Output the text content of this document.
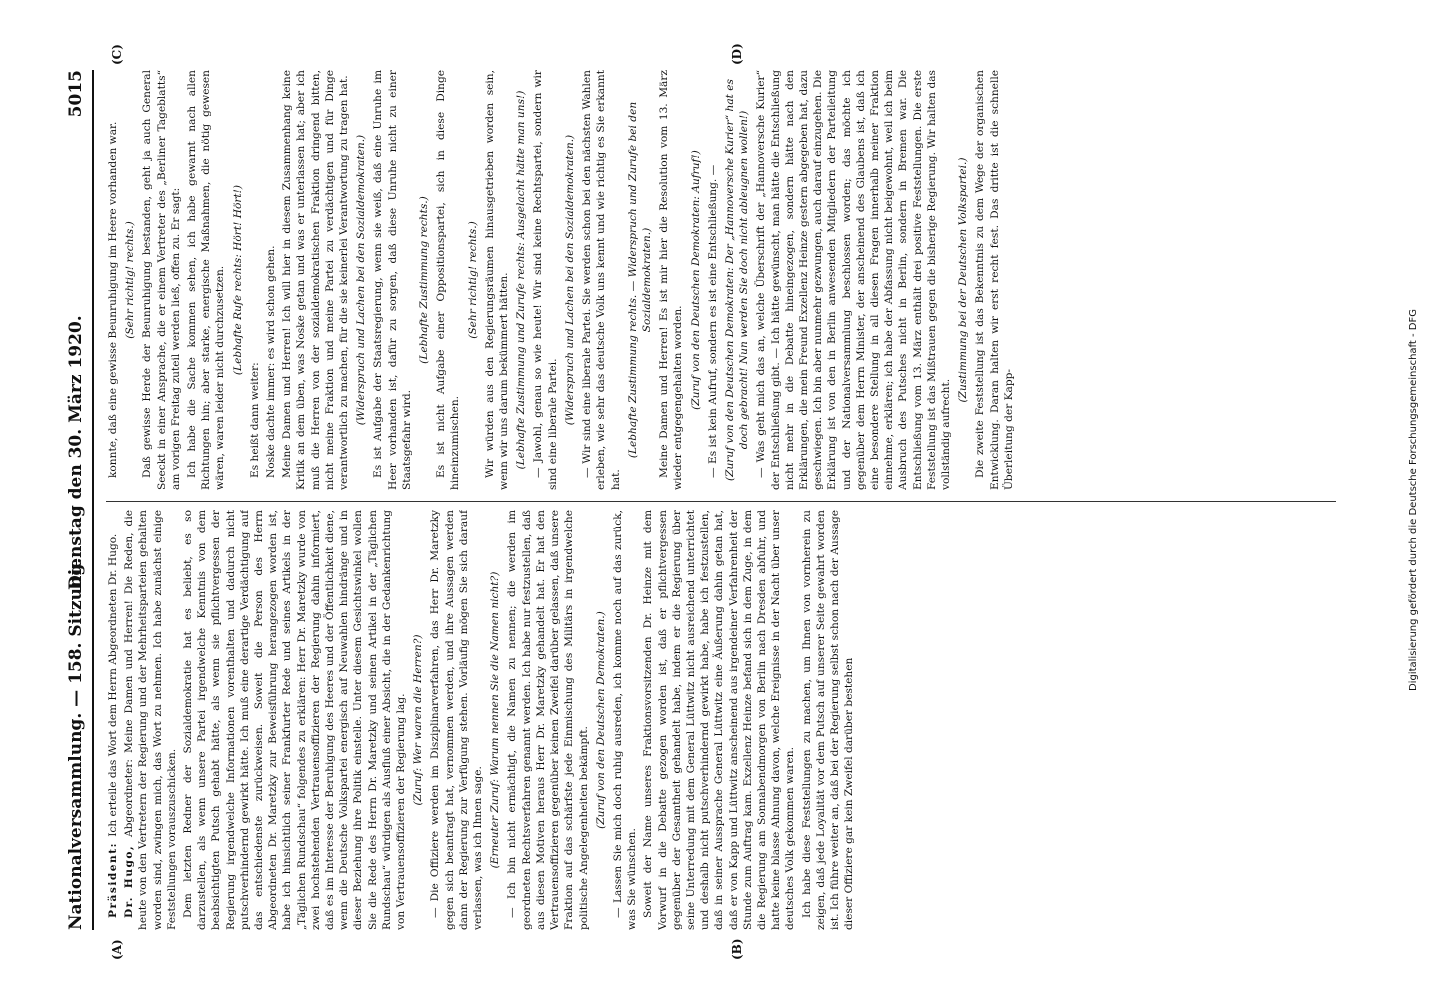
Nationalversammlung. — 158. Sitzung.
Dienstag den 30. März 1920.
5015
(A)	(B)
(C)	(D)

Präsident: Ich erteile das Wort dem Herrn Abgeordneten Dr. Hugo.

Dr. Hugo, Abgeordneter: Meine Damen und Herren! Die Reden, die heute von den Vertretern der Regierung und der Mehrheitsparteien gehalten worden sind, zwingen mich, das Wort zu nehmen. Ich habe zunächst einige Feststellungen vorauszuschicken. Dem letzten Redner der Sozialdemokratie hat es beliebt, es so darzustellen, als wenn unsere Partei irgendwelche Kenntnis von dem beabsichtigten Putsch gehabt hätte, als wenn sie pflichtvergessen der Regierung irgendwelche Informationen vorenthalten und dadurch nicht putschverhindernd gewirkt hätte. Ich muß eine derartige Verdächtigung auf das entschiedenste zurückweisen. Soweit die Person des Herrn Abgeordneten Dr. Maretzky zur Beweisführung herangezogen worden ist, habe ich hinsichtlich seiner Frankfurter Rede und seines Artikels in der „Täglichen Rundschau“ folgendes zu erklären: Herr Dr. Maretzky wurde von zwei hochstehenden Vertrauensoffizieren der Regierung dahin informiert, daß es im Interesse der Beruhigung des Heeres und der Öffentlichkeit diene, wenn die Deutsche Volkspartei energisch auf Neuwahlen hindränge und in dieser Beziehung ihre Politik einstelle. Unter diesem Gesichtswinkel wollen Sie die Rede des Herrn Dr. Maretzky und seinen Artikel in der „Täglichen Rundschau“ würdigen als Ausfluß einer Absicht, die in der Gedankenrichtung von Vertrauensoffizieren der Regierung lag. (Zuruf: Wer waren die Herren?) — Die Offiziere werden im Disziplinarverfahren, das Herr Dr. Maretzky gegen sich beantragt hat, vernommen werden, und ihre Aussagen werden dann der Regierung zur Verfügung stehen. Vorläufig mögen Sie sich darauf verlassen, was ich Ihnen sage. (Erneuter Zuruf: Warum nennen Sie die Namen nicht?) — Ich bin nicht ermächtigt, die Namen zu nennen; die werden im geordneten Rechtsverfahren genannt werden. Ich habe nur festzustellen, daß aus diesen Motiven heraus Herr Dr. Maretzky gehandelt hat. Er hat den Vertrauensoffizieren gegenüber keinen Zweifel darüber gelassen, daß unsere Fraktion auf das schärfste jede Einmischung des Militärs in irgendwelche politische Angelegenheiten bekämpft. (Zuruf von den Deutschen Demokraten.) — Lassen Sie mich doch ruhig ausreden, ich komme noch auf das zurück, was Sie wünschen. Soweit der Name unseres Fraktionsvorsitzenden Dr. Heinze mit dem Vorwurf in die Debatte gezogen worden ist, daß er pflichtvergessen gegenüber der Gesamtheit gehandelt habe, indem er die Regierung über seine Unterredung mit dem General Lüttwitz nicht ausreichend unterrichtet und deshalb nicht putschverhindernd gewirkt habe, habe ich festzustellen, daß in seiner Aussprache General Lüttwitz eine Äußerung dahin getan hat, daß er von Kapp und Lüttwitz anscheinend aus irgendeiner Verfahrenheit der Stunde zum Auftrag kam. Exzellenz Heinze befand sich in dem Zuge, in dem die Regierung am Sonnabendmorgen von Berlin nach Dresden abfuhr, und hatte keine blasse Ahnung davon, welche Ereignisse in der Nacht über unser deutsches Volk gekommen waren. Ich habe diese Feststellungen zu machen, um Ihnen von vornherein zu zeigen, daß jede Loyalität vor dem Putsch auf unserer Seite gewahrt worden ist. Ich führe weiter an, daß bei der Regierung selbst schon nach der Aussage dieser Offiziere gar kein Zweifel darüber bestehen

konnte, daß eine gewisse Beunruhigung im Heere vorhanden war. (Sehr richtig! rechts.) Daß gewisse Herde der Beunruhigung bestanden, geht ja auch General Seeckt in einer Ansprache, die er einem Vertreter des „Berliner Tageblatts“ am vorigen Freitag zuteil werden ließ, offen zu. Er sagt: Ich habe die Sache kommen sehen, ich habe gewarnt nach allen Richtungen hin; aber starke, energische Maßnahmen, die nötig gewesen wären, waren leider nicht durchzusetzen. (Lebhafte Rufe rechts: Hört! Hört!)

Es heißt dann weiter: Noske dachte immer: es wird schon gehen. Meine Damen und Herren! Ich will hier in diesem Zusammenhang keine Kritik an dem üben, was Noske getan und was er unterlassen hat; aber ich muß die Herren von der sozialdemokratischen Fraktion dringend bitten, nicht meine Fraktion und meine Partei zu verdächtigen und für Dinge verantwortlich zu machen, für die sie keinerlei Verantwortung zu tragen hat. (Widerspruch und Lachen bei den Sozialdemokraten.) Es ist Aufgabe der Staatsregierung, wenn sie weiß, daß eine Unruhe im Heer vorhanden ist, dafür zu sorgen, daß diese Unruhe nicht zu einer Staatsgefahr wird.

(Lebhafte Zustimmung rechts.) Es ist nicht Aufgabe einer Oppositionspartei, sich in diese Dinge hineinzumischen.

(Sehr richtig! rechts.) Wir würden aus den Regierungsräumen hinausgetrieben worden sein, wenn wir uns darum bekümmert hätten. (Lebhafte Zustimmung und Zurufe rechts: Ausgelacht hätte man uns!) — Jawohl, genau so wie heute! Wir sind keine Rechtspartei, sondern wir sind eine liberale Partei. (Widerspruch und Lachen bei den Sozialdemokraten.) — Wir sind eine liberale Partei. Sie werden schon bei den nächsten Wahlen erleben, wie sehr das deutsche Volk uns kennt und wie richtig es Sie erkannt hat.

(Lebhafte Zustimmung rechts. — Widerspruch und Zurufe bei den Sozialdemokraten.) Meine Damen und Herren! Es ist mir hier die Resolution vom 13. März wieder entgegengehalten worden. (Zuruf von den Deutschen Demokraten: Aufruf!) — Es ist kein Aufruf, sondern es ist eine Entschließung. — (Zuruf von den Deutschen Demokraten: Der „Hannoversche Kurier“ hat es doch gebracht! Nun werden Sie doch nicht ableugnen wollen!) — Was geht mich das an, welche Überschrift der „Hannoversche Kurier“ der Entschließung gibt. — Ich hätte gewünscht, man hätte die Entschließung nicht mehr in die Debatte hineingezogen, sondern hätte nach den Erklärungen, die mein Freund Exzellenz Heinze gestern abgegeben hat, dazu geschwiegen. Ich bin aber nunmehr gezwungen, auch darauf einzugehen. Die Erklärung ist von den in Berlin anwesenden Mitgliedern der Parteileitung und der Nationalversammlung beschlossen worden; das möchte ich gegenüber dem Herrn Minister, der anscheinend des Glaubens ist, daß ich eine besondere Stellung in all diesen Fragen innerhalb meiner Fraktion einnehme, erklären; ich habe der Abfassung nicht beigewohnt, weil ich beim Ausbruch des Putsches nicht in Berlin, sondern in Bremen war. Die Entschließung vom 13. März enthält drei positive Feststellungen. Die erste Feststellung ist das Mißtrauen gegen die bisherige Regierung. Wir halten das vollständig aufrecht.

(Zustimmung bei der Deutschen Volkspartei.) Die zweite Feststellung ist das Bekenntnis zu dem Wege der organischen Entwicklung. Daran halten wir erst recht fest. Das dritte ist die schnelle Überleitung der Kapp-	Digitalisierung gefördert durch die Deutsche Forschungsgemeinschaft - DFG
